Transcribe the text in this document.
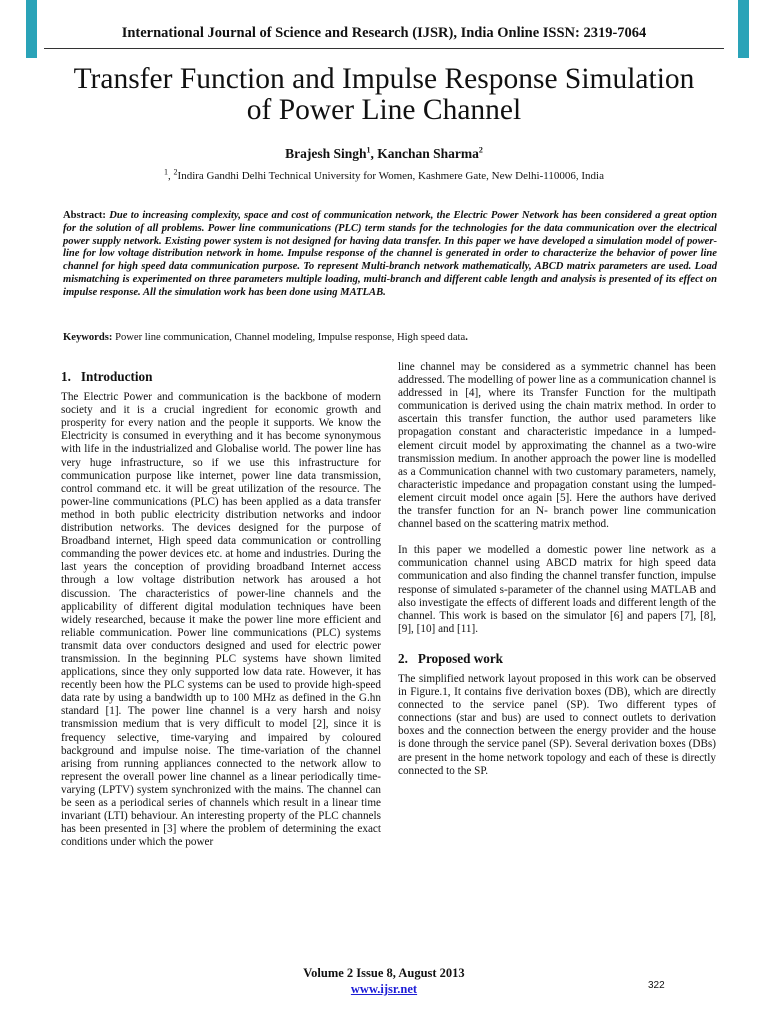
International Journal of Science and Research (IJSR), India Online ISSN: 2319-7064
Transfer Function and Impulse Response Simulation
of Power Line Channel
Brajesh Singh$^1$, Kanchan Sharma$^2$
$^1$, $^2$Indira Gandhi Delhi Technical University for Women, Kashmere Gate, New Delhi-110006, India

Abstract: Due to increasing complexity, space and cost of communication network, the Electric Power Network has been considered a great option for the solution of all problems. Power line communications (PLC) term stands for the technologies for the data communication over the electrical power supply network. Existing power system is not designed for having data transfer. In this paper we have developed a simulation model of power-line for low voltage distribution network in home. Impulse response of the channel is generated in order to characterize the behavior of power line channel for high speed data communication purpose. To represent Multi-branch network mathematically, ABCD matrix parameters are used. Load mismatching is experimented on three parameters multiple loading, multi-branch and different cable length and analysis is presented of its effect on impulse response. All the simulation work has been done using MATLAB.

Keywords: Power line communication, Channel modeling, Impulse response, High speed data.

1. Introduction

The Electric Power and communication is the backbone of modern society and it is a crucial ingredient for economic growth and prosperity for every nation and the people it supports. We know the Electricity is consumed in everything and it has become synonymous with life in the industrialized and Globalise world. The power line has very huge infrastructure, so if we use this infrastructure for communication purpose like internet, power line data transmission, control command etc. it will be great utilization of the resource. The power-line communications (PLC) has been applied as a data transfer method in both public electricity distribution networks and indoor distribution networks. The devices designed for the purpose of Broadband internet, High speed data communication or controlling commanding the power devices etc. at home and industries. During the last years the conception of providing broadband Internet access through a low voltage distribution network has aroused a hot discussion. The characteristics of power-line channels and the applicability of different digital modulation techniques have been widely researched, because it make the power line more efficient and reliable communication. Power line communications (PLC) systems transmit data over conductors designed and used for electric power transmission. In the beginning PLC systems have shown limited applications, since they only supported low data rate. However, it has recently been how the PLC systems can be used to provide high-speed data rate by using a bandwidth up to 100 MHz as defined in the G.hn standard [1]. The power line channel is a very harsh and noisy transmission medium that is very difficult to model [2], since it is frequency selective, time-varying and impaired by coloured background and impulse noise. The time-variation of the channel arising from running appliances connected to the network allow to represent the overall power line channel as a linear periodically time-varying (LPTV) system synchronized with the mains. The channel can be seen as a periodical series of channels which result in a linear time invariant (LTI) behaviour. An interesting property of the PLC channels has been presented in [3] where the problem of determining the exact conditions under which the power

line channel may be considered as a symmetric channel has been addressed. The modelling of power line as a communication channel is addressed in [4], where its Transfer Function for the multipath communication is derived using the chain matrix method. In order to ascertain this transfer function, the author used parameters like propagation constant and characteristic impedance in a lumped-element circuit model by approximating the channel as a two-wire transmission medium. In another approach the power line is modelled as a Communication channel with two customary parameters, namely, characteristic impedance and propagation constant using the lumped-element circuit model once again [5]. Here the authors have derived the transfer function for an N- branch power line communication channel based on the scattering matrix method.

In this paper we modelled a domestic power line network as a communication channel using ABCD matrix for high speed data communication and also finding the channel transfer function, impulse response of simulated s-parameter of the channel using MATLAB and also investigate the effects of different loads and different length of the channel. This work is based on the simulator [6] and papers [7], [8], [9], [10] and [11].

2. Proposed work

The simplified network layout proposed in this work can be observed in Figure.1, It contains five derivation boxes (DB), which are directly connected to the service panel (SP). Two different types of connections (star and bus) are used to connect outlets to derivation boxes and the connection between the energy provider and the house is done through the service panel (SP). Several derivation boxes (DBs) are present in the home network topology and each of these is directly connected to the SP.

Volume 2 Issue 8, August 2013
www.ijsr.net	322
